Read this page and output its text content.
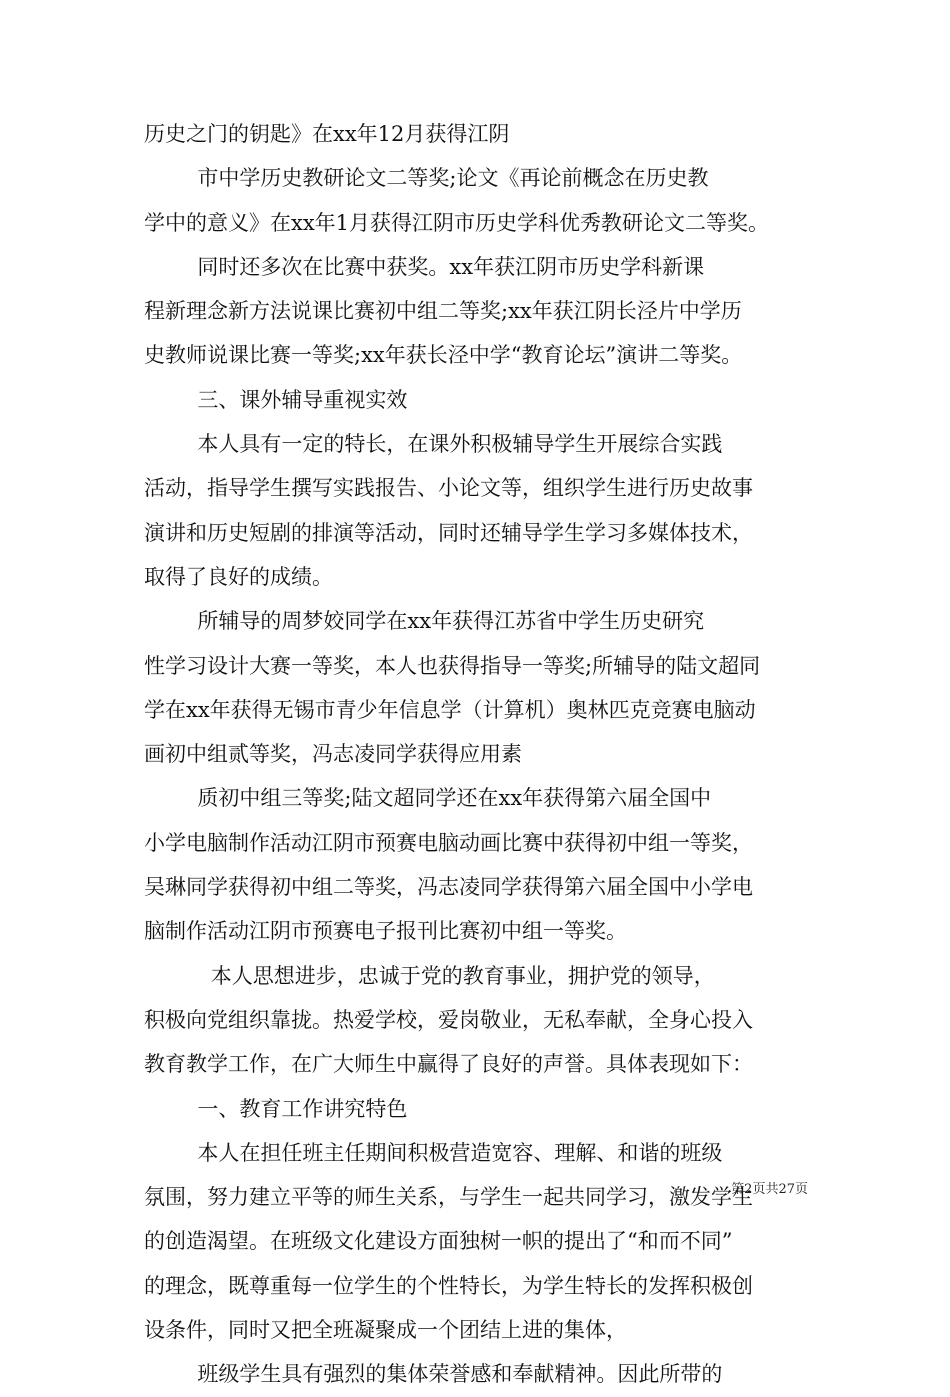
历史之门的钥匙》在xx年12月获得江阴

市中学历史教研论文二等奖;论文《再论前概念在历史教

学中的意义》在xx年1月获得江阴市历史学科优秀教研论文二等奖。

同时还多次在比赛中获奖。xx年获江阴市历史学科新课

程新理念新方法说课比赛初中组二等奖;xx年获江阴长泾片中学历

史教师说课比赛一等奖;xx年获长泾中学“教育论坛”演讲二等奖。

三、课外辅导重视实效

本人具有一定的特长，在课外积极辅导学生开展综合实践

活动，指导学生撰写实践报告、小论文等，组织学生进行历史故事

演讲和历史短剧的排演等活动，同时还辅导学生学习多媒体技术，

取得了良好的成绩。

所辅导的周梦姣同学在xx年获得江苏省中学生历史研究

性学习设计大赛一等奖，本人也获得指导一等奖;所辅导的陆文超同

学在xx年获得无锡市青少年信息学（计算机）奥林匹克竞赛电脑动

画初中组贰等奖，冯志凌同学获得应用素

质初中组三等奖;陆文超同学还在xx年获得第六届全国中

小学电脑制作活动江阴市预赛电脑动画比赛中获得初中组一等奖，

吴琳同学获得初中组二等奖，冯志凌同学获得第六届全国中小学电

脑制作活动江阴市预赛电子报刊比赛初中组一等奖。

本人思想进步，忠诚于党的教育事业，拥护党的领导，

积极向党组织靠拢。热爱学校，爱岗敬业，无私奉献，全身心投入

教育教学工作，在广大师生中赢得了良好的声誉。具体表现如下：

一、教育工作讲究特色

本人在担任班主任期间积极营造宽容、理解、和谐的班级

氛围，努力建立平等的师生关系，与学生一起共同学习，激发学生

的创造渴望。在班级文化建设方面独树一帜的提出了“和而不同”

的理念，既尊重每一位学生的个性特长，为学生特长的发挥积极创

设条件，同时又把全班凝聚成一个团结上进的集体，

班级学生具有强烈的集体荣誉感和奉献精神。因此所带的

第2页共27页
